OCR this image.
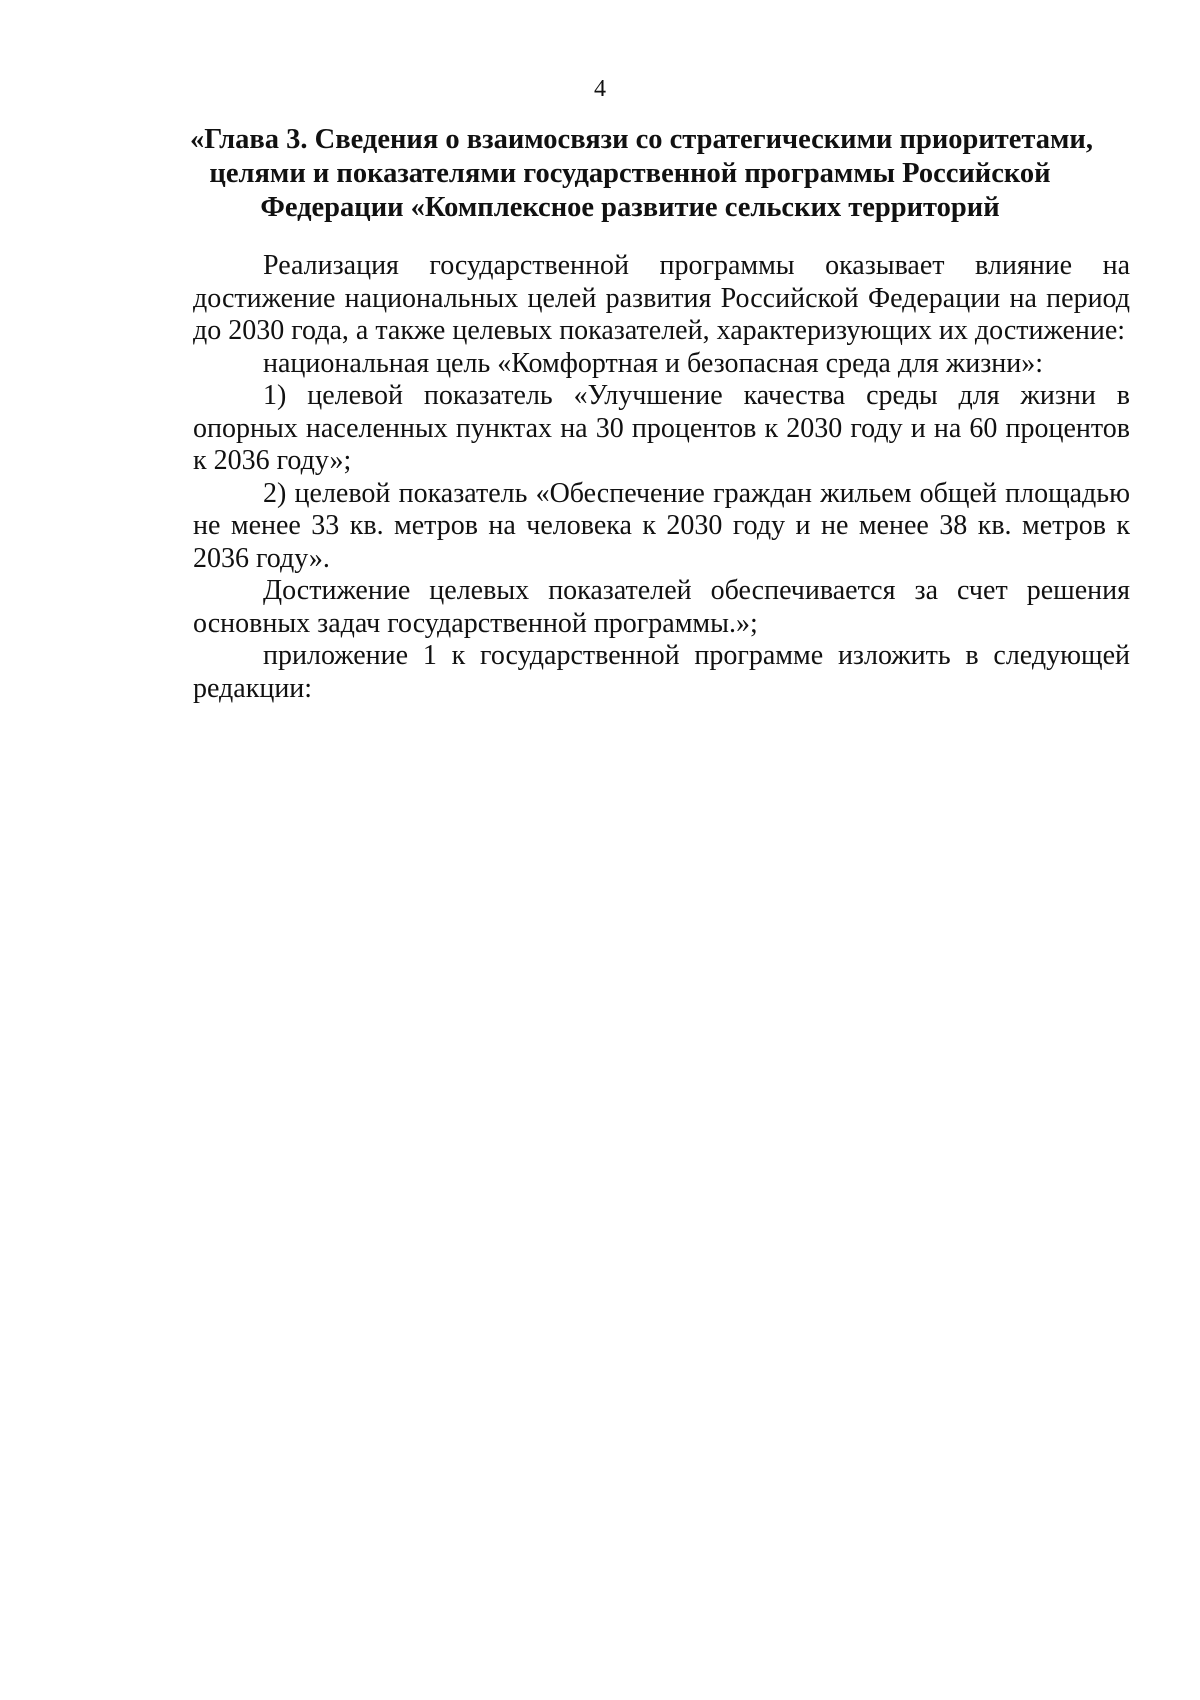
4
«Глава 3. Сведения о взаимосвязи со стратегическими приоритетами,
целями и показателями государственной программы Российской
Федерации «Комплексное развитие сельских территорий

Реализация государственной программы оказывает влияние на достижение национальных целей развития Российской Федерации на период до 2030 года, а также целевых показателей, характеризующих их достижение:

национальная цель «Комфортная и безопасная среда для жизни»:

1) целевой показатель «Улучшение качества среды для жизни в опорных населенных пунктах на 30 процентов к 2030 году и на 60 процентов к 2036 году»;

2) целевой показатель «Обеспечение граждан жильем общей площадью не менее 33 кв. метров на человека к 2030 году и не менее 38 кв. метров к 2036 году».

Достижение целевых показателей обеспечивается за счет решения основных задач государственной программы.»;

приложение 1 к государственной программе изложить в следующей редакции:
